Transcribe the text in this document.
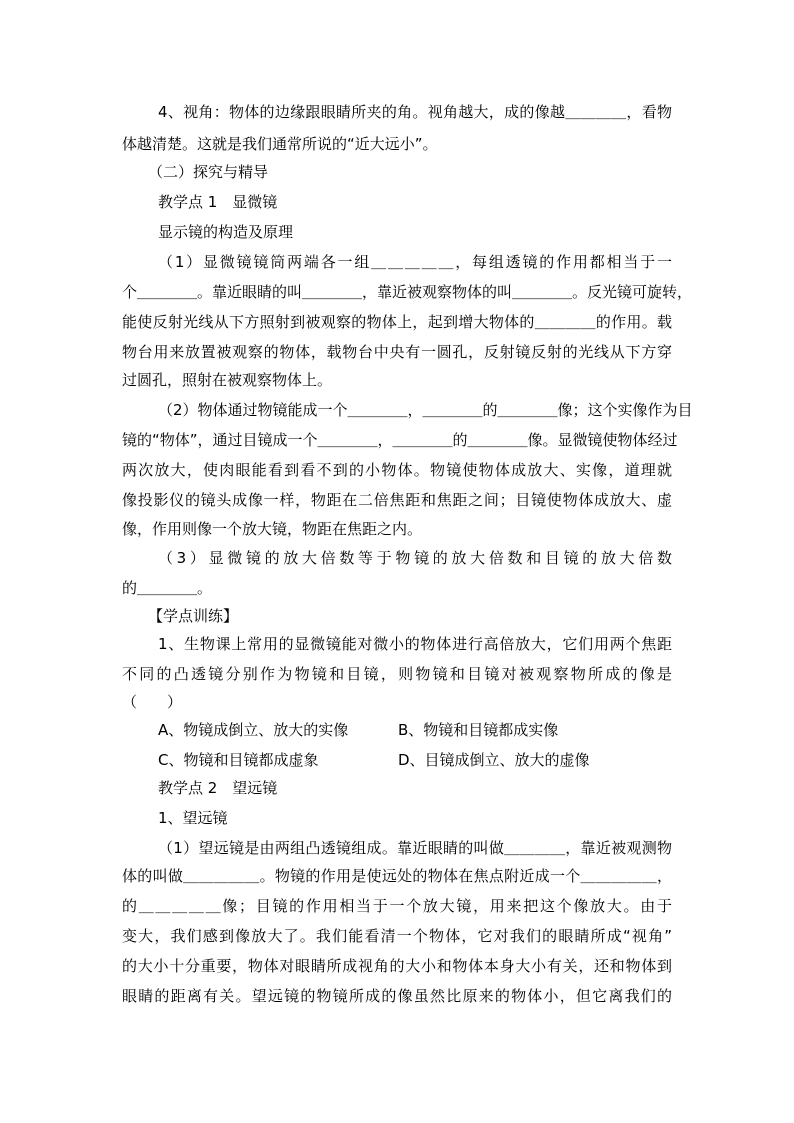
4、视角：物体的边缘跟眼睛所夹的角。视角越大，成的像越＿＿＿＿，看物
体越清楚。这就是我们通常所说的“近大远小”。
（二）探究与精导
教学点 1　显微镜
显示镜的构造及原理
（1）显微镜镜筒两端各一组＿＿＿＿＿，每组透镜的作用都相当于一
个＿＿＿＿。靠近眼睛的叫＿＿＿＿，靠近被观察物体的叫＿＿＿＿。反光镜可旋转，
能使反射光线从下方照射到被观察的物体上，起到增大物体的＿＿＿＿的作用。载
物台用来放置被观察的物体，载物台中央有一圆孔，反射镜反射的光线从下方穿
过圆孔，照射在被观察物体上。
（2）物体通过物镜能成一个＿＿＿＿，＿＿＿＿的＿＿＿＿像；这个实像作为目
镜的“物体”，通过目镜成一个＿＿＿＿，＿＿＿＿的＿＿＿＿像。显微镜使物体经过
两次放大，使肉眼能看到看不到的小物体。物镜使物体成放大、实像，道理就
像投影仪的镜头成像一样，物距在二倍焦距和焦距之间；目镜使物体成放大、虚
像，作用则像一个放大镜，物距在焦距之内。
（3）显微镜的放大倍数等于物镜的放大倍数和目镜的放大倍数
的＿＿＿＿。
【学点训练】
1、生物课上常用的显微镜能对微小的物体进行高倍放大，它们用两个焦距
不同的凸透镜分别作为物镜和目镜，则物镜和目镜对被观察物所成的像是
（　　）
A、物镜成倒立、放大的实像	B、物镜和目镜都成实像
C、物镜和目镜都成虚象	D、目镜成倒立、放大的虚像
教学点 2　望远镜
1、望远镜
（1）望远镜是由两组凸透镜组成。靠近眼睛的叫做＿＿＿＿，靠近被观测物
体的叫做＿＿＿＿＿。物镜的作用是使远处的物体在焦点附近成一个＿＿＿＿＿，
的＿＿＿＿＿像；目镜的作用相当于一个放大镜，用来把这个像放大。由于
变大，我们感到像放大了。我们能看清一个物体，它对我们的眼睛所成“视角”
的大小十分重要，物体对眼睛所成视角的大小和物体本身大小有关，还和物体到
眼睛的距离有关。望远镜的物镜所成的像虽然比原来的物体小，但它离我们的
